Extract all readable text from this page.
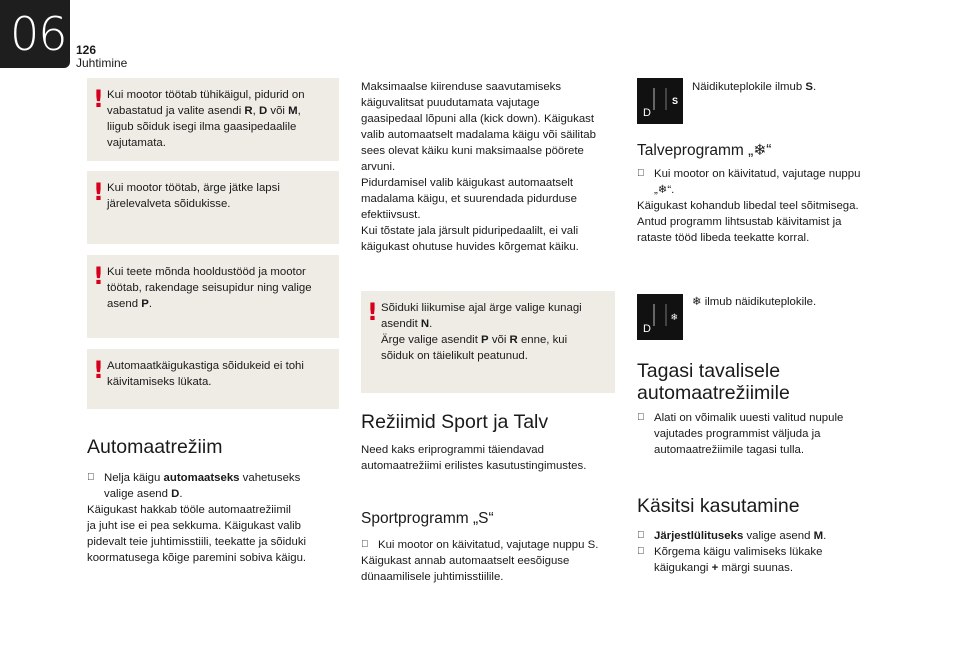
06 126
Juhtimine
! Kui mootor töötab tühikäigul, pidurid on
vabastatud ja valite asendi R, D või M,
liigub sõiduk isegi ilma gaasipedaalile
vajutamata.
! Kui mootor töötab, ärge jätke lapsi
järelevalveta sõidukisse.
! Kui teete mõnda hooldustööd ja mootor
töötab, rakendage seisupidur ning valige
asend P.
! Automaatkäigukastiga sõidukeid ei tohi
käivitamiseks lükata.
Automaatrežiim
Nelja käigu automaatseks vahetuseks
valige asend D.
Käigukast hakkab tööle automaatrežiimil
ja juht ise ei pea sekkuma. Käigukast valib
pidevalt teie juhtimisstiili, teekatte ja sõiduki
koormatusega kõige paremini sobiva käigu.
Maksimaalse kiirenduse saavutamiseks
käiguvalitsat puudutamata vajutage
gaasipedaal lõpuni alla (kick down). Käigukast
valib automaatselt madalama käigu või säilitab
sees olevat käiku kuni maksimaalse pöörete
arvuni.
Pidurdamisel valib käigukast automaatselt
madalama käigu, et suurendada pidurduse
efektiivsust.
Kui tõstate jala järsult piduripedaalilt, ei vali
käigukast ohutuse huvides kõrgemat käiku.
! Sõiduki liikumise ajal ärge valige kunagi
asendit N.
Ärge valige asendit P või R enne, kui
sõiduk on täielikult peatunud.
Režiimid Sport ja Talv
Need kaks eriprogrammi täiendavad
automaatrežiimi erilistes kasutustingimustes.
Sportprogramm „S“
Kui mootor on käivitatud, vajutage nuppu S.
Käigukast annab automaatselt eesõiguse
dünaamilisele juhtimisstiilile.
D
S
Näidikuteplokile ilmub S.
Talveprogramm „❄“
Kui mootor on käivitatud, vajutage nuppu
„❄“.
Käigukast kohandub libedal teel sõitmisega.
Antud programm lihtsustab käivitamist ja
rataste tööd libeda teekatte korral.
D
❄
❄ ilmub näidikuteplokile.
Tagasi tavalisele
automaatrežiimile
Alati on võimalik uuesti valitud nupule
vajutades programmist väljuda ja
automaatrežiimile tagasi tulla.
Käsitsi kasutamine
Järjestlülituseks valige asend M.
Kõrgema käigu valimiseks lükake
käigukangi + märgi suunas.
